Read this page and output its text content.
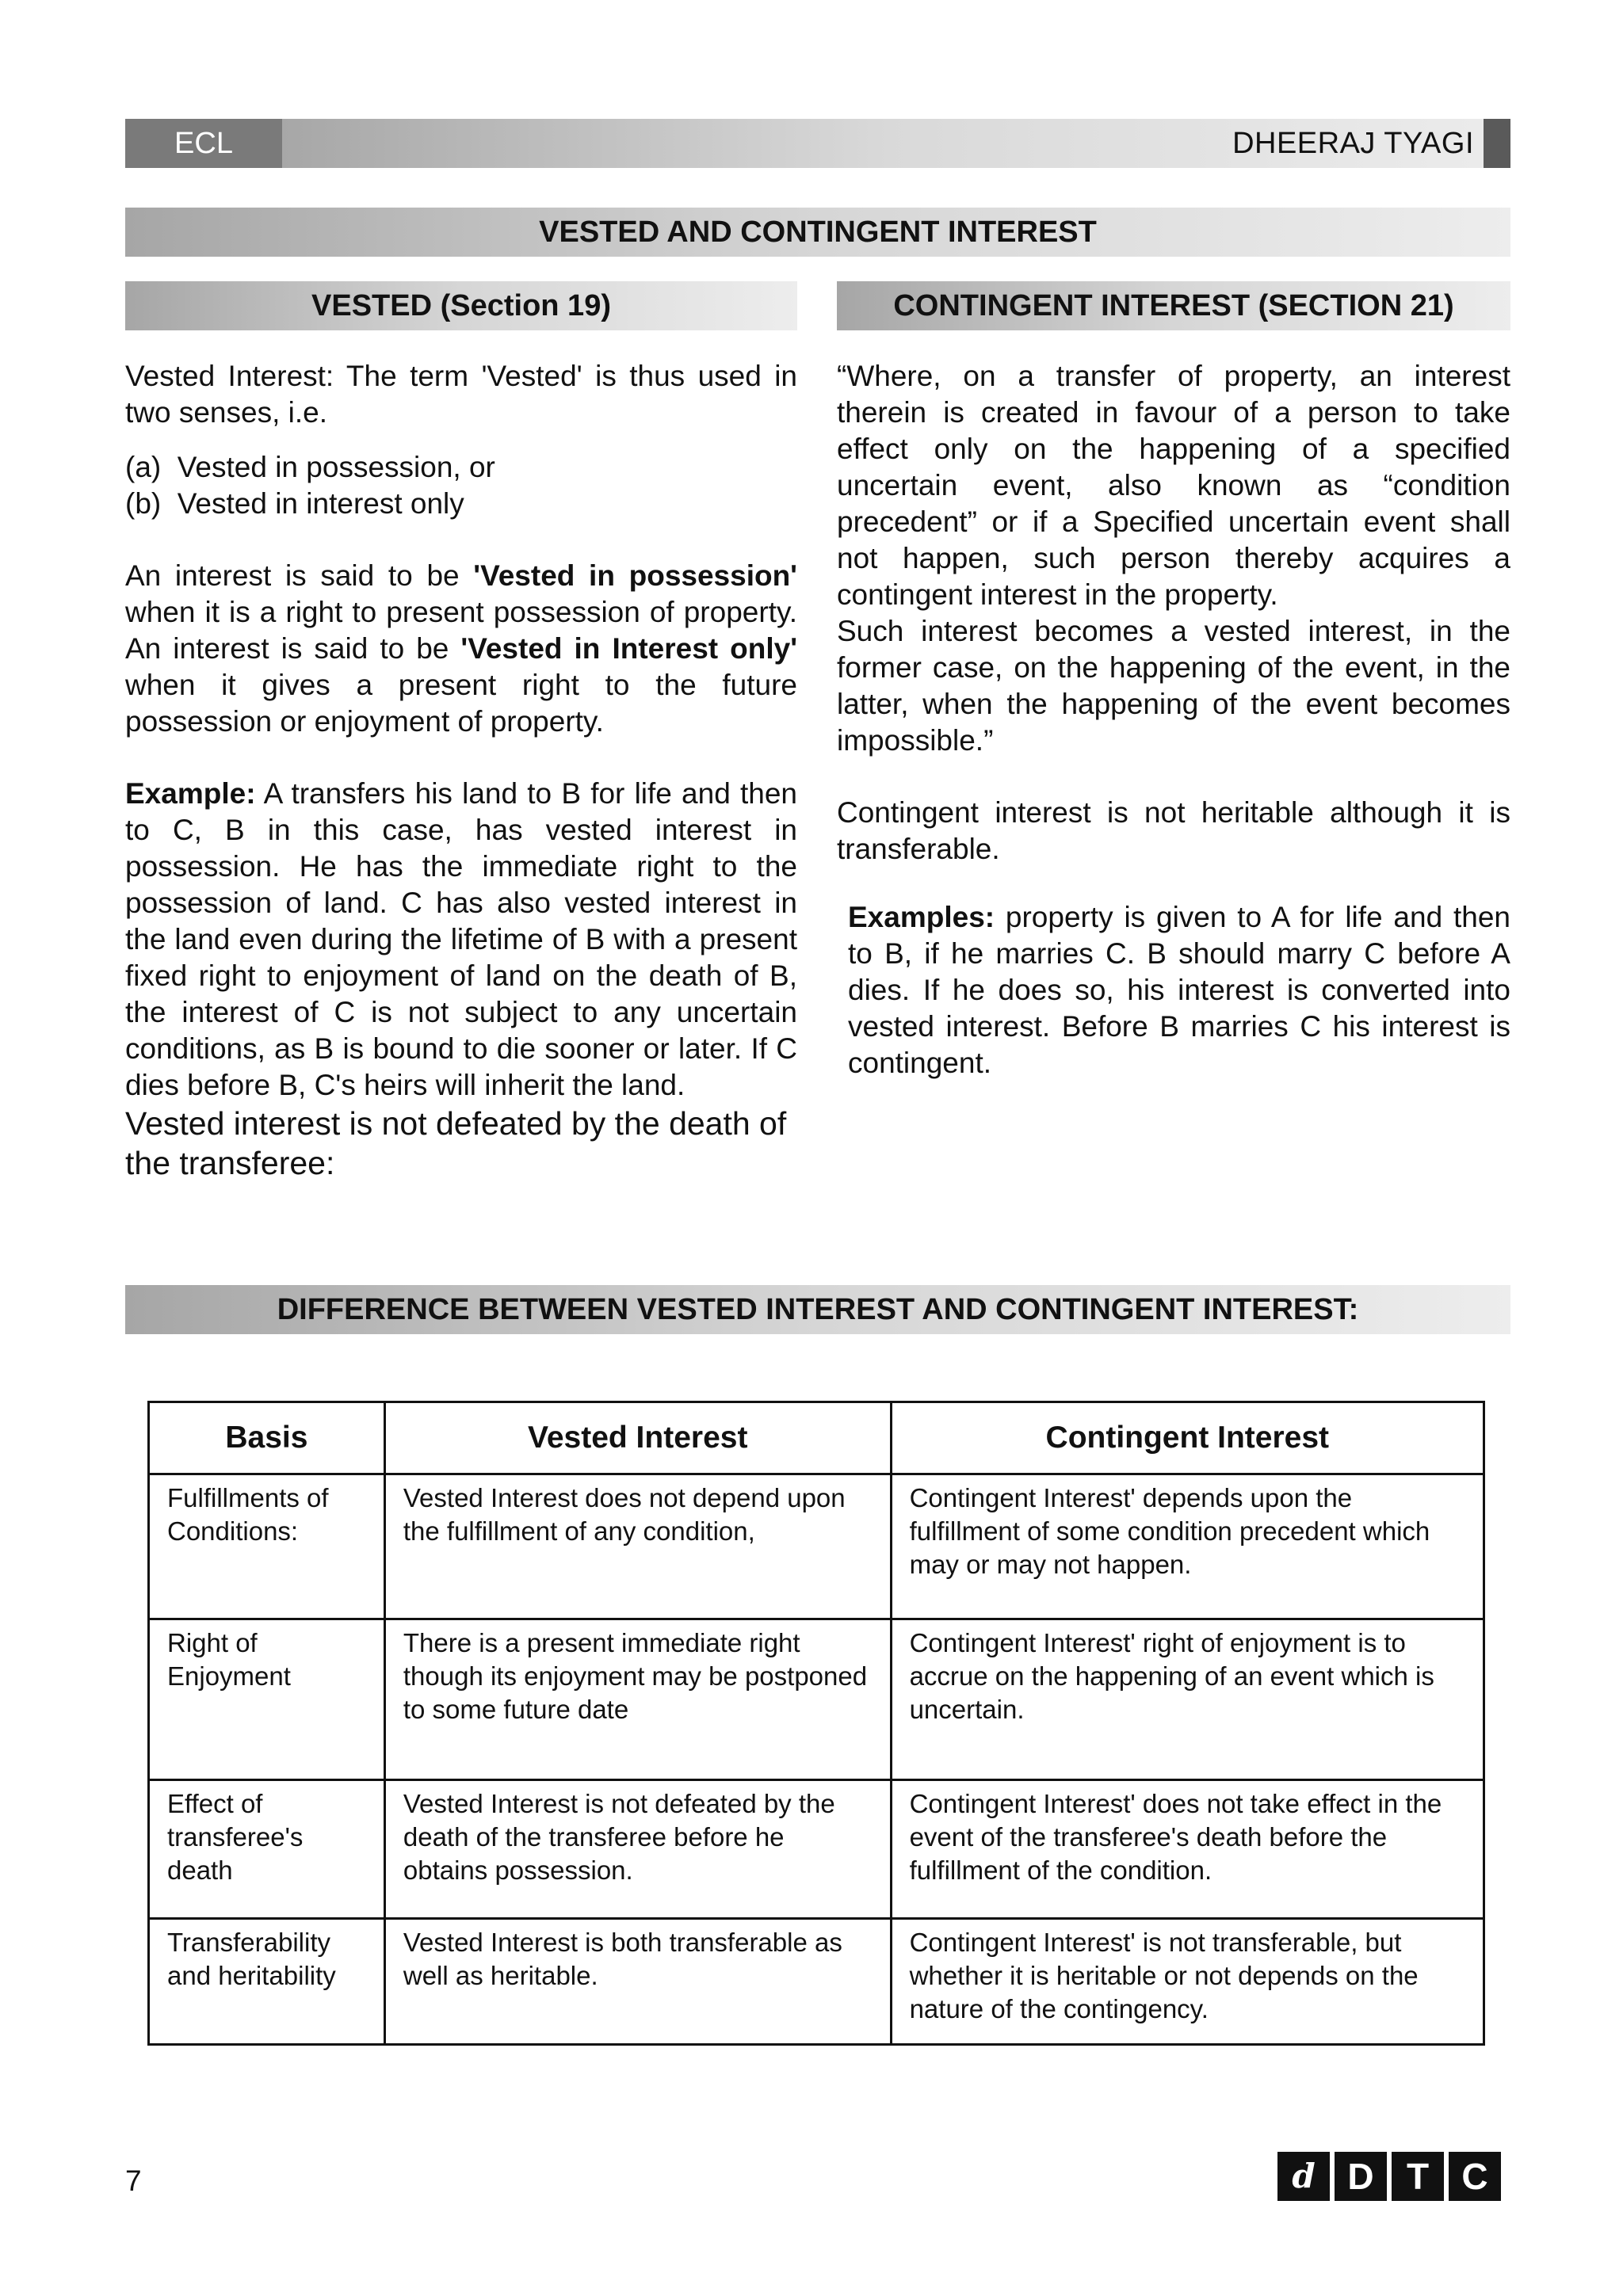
ECL	DHEERAJ TYAGI
VESTED AND CONTINGENT INTEREST
VESTED (Section 19)	CONTINGENT INTEREST (SECTION 21)

Vested Interest: The term 'Vested' is thus used in two senses, i.e.

(a)  Vested in possession, or

(b)  Vested in interest only

An interest is said to be 'Vested in possession' when it is a right to present possession of property. An interest is said to be 'Vested in Interest only' when it gives a present right to the future possession or enjoyment of property.

Example: A transfers his land to B for life and then to C, B in this case, has vested interest in possession. He has the immediate right to the possession of land. C has also vested interest in the land even during the lifetime of B with a present fixed right to enjoyment of land on the death of B, the interest of C is not subject to any uncertain conditions, as B is bound to die sooner or later. If C dies before B, C's heirs will inherit the land.

Vested interest is not defeated by the death of the transferee:

“Where, on a transfer of property, an interest therein is created in favour of a person to take effect only on the happening of a specified uncertain event, also known as “condition precedent” or if a Specified uncertain event shall not happen, such person thereby acquires a contingent interest in the property.

Such interest becomes a vested interest, in the former case, on the happening of the event, in the latter, when the happening of the event becomes impossible.”

Contingent interest is not heritable although it is transferable.

Examples: property is given to A for life and then to B, if he marries C. B should marry C before A dies. If he does so, his interest is converted into vested interest. Before B marries C his interest is contingent.

DIFFERENCE BETWEEN VESTED INTEREST AND CONTINGENT INTEREST:
Basis	Vested Interest	Contingent Interest
Fulfillments of Conditions:	Vested Interest does not depend upon the fulfillment of any condition,	Contingent Interest' depends upon the fulfillment of some condition precedent which may or may not happen.
Right of Enjoyment	There is a present immediate right though its enjoyment may be postponed to some future date	Contingent Interest' right of enjoyment is to accrue on the happening of an event which is uncertain.
Effect of transferee's death	Vested Interest is not defeated by the death of the transferee before he obtains possession.	Contingent Interest' does not take effect in the event of the transferee's death before the fulfillment of the condition.
Transferability and heritability	Vested Interest is both transferable as well as heritable.	Contingent Interest' is not transferable, but whether it is heritable or not depends on the nature of the contingency.
7	d D T C
